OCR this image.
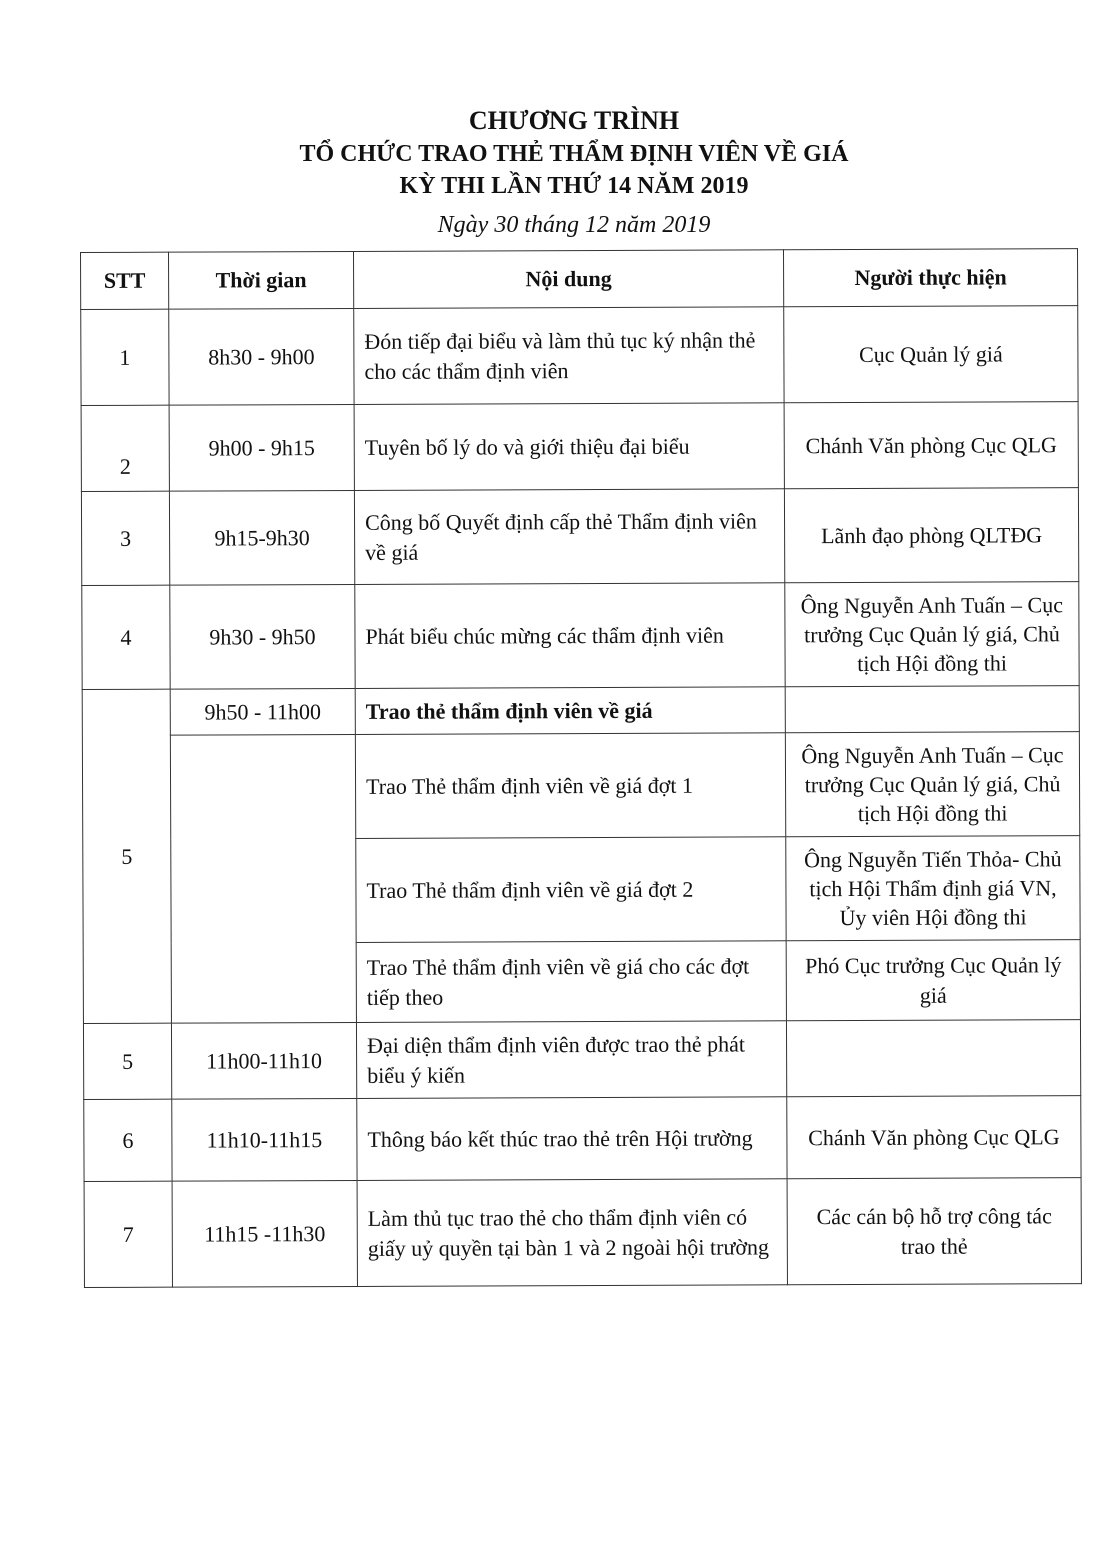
CHƯƠNG TRÌNH
TỔ CHỨC TRAO THẺ THẨM ĐỊNH VIÊN VỀ GIÁ
KỲ THI LẦN THỨ 14 NĂM 2019
Ngày 30 tháng 12 năm 2019
STT	Thời gian	Nội dung	Người thực hiện
1	8h30 - 9h00	Đón tiếp đại biểu và làm thủ tục ký nhận thẻ cho các thẩm định viên	Cục Quản lý giá
2	9h00 - 9h15	Tuyên bố lý do và giới thiệu đại biểu	Chánh Văn phòng Cục QLG
3	9h15-9h30	Công bố Quyết định cấp thẻ Thẩm định viên về giá	Lãnh đạo phòng QLTĐG
4	9h30 - 9h50	Phát biểu chúc mừng các thẩm định viên	Ông Nguyễn Anh Tuấn – Cục trưởng Cục Quản lý giá, Chủ tịch Hội đồng thi
5	9h50 - 11h00	Trao thẻ thẩm định viên về giá	
		Trao Thẻ thẩm định viên về giá đợt 1	Ông Nguyễn Anh Tuấn – Cục trưởng Cục Quản lý giá, Chủ tịch Hội đồng thi
		Trao Thẻ thẩm định viên về giá đợt 2	Ông Nguyễn Tiến Thỏa- Chủ tịch Hội Thẩm định giá VN, Ủy viên Hội đồng thi
		Trao Thẻ thẩm định viên về giá cho các đợt tiếp theo	Phó Cục trưởng Cục Quản lý giá
5	11h00-11h10	Đại diện thẩm định viên được trao thẻ phát biểu ý kiến	
6	11h10-11h15	Thông báo kết thúc trao thẻ trên Hội trường	Chánh Văn phòng Cục QLG
7	11h15 -11h30	Làm thủ tục trao thẻ cho thẩm định viên có giấy uỷ quyền tại bàn 1 và 2 ngoài hội trường	Các cán bộ hỗ trợ công tác trao thẻ
